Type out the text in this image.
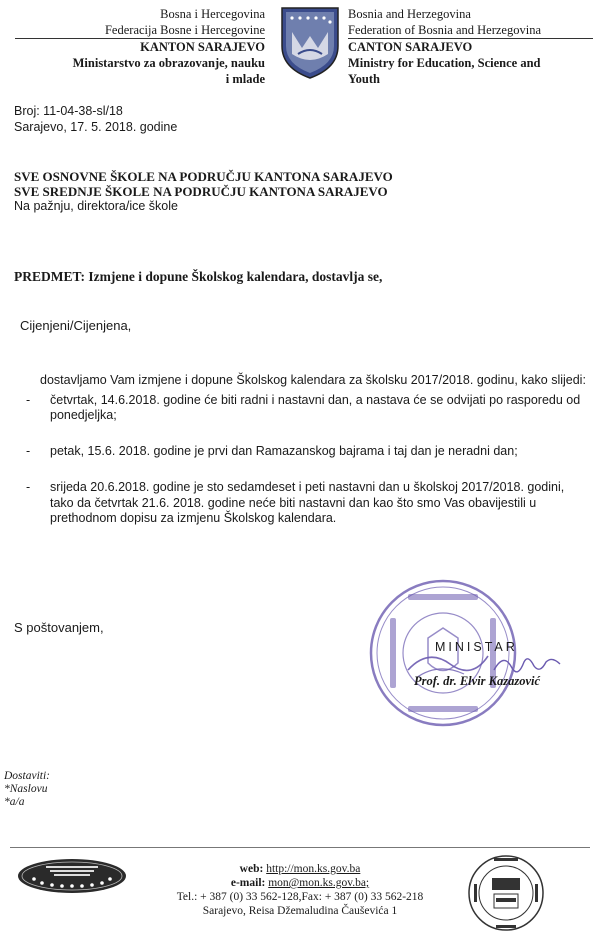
Bosna i Hercegovina
Federacija Bosne i Hercegovine
KANTON SARAJEVO
Ministarstvo za obrazovanje, nauku
i mlade
Bosnia and Herzegovina
Federation of Bosnia and Herzegovina
CANTON SARAJEVO
Ministry for Education, Science and
Youth
Broj: 11-04-38-sl/18
Sarajevo, 17. 5. 2018. godine
SVE OSNOVNE ŠKOLE NA PODRUČJU KANTONA SARAJEVO
SVE SREDNJE ŠKOLE NA PODRUČJU KANTONA SARAJEVO
Na pažnju, direktora/ice škole
PREDMET: Izmjene i dopune Školskog kalendara, dostavlja se,
Cijenjeni/Cijenjena,

dostavljamo Vam izmjene i dopune Školskog kalendara za školsku 2017/2018. godinu, kako slijedi:

- četvrtak, 14.6.2018. godine će biti radni i nastavni dan, a nastava će se odvijati po rasporedu od ponedjeljka;
- petak, 15.6. 2018. godine je prvi dan Ramazanskog bajrama i taj dan je neradni dan;
- srijeda 20.6.2018. godine je sto sedamdeset i peti nastavni dan u školskoj 2017/2018. godini, tako da četvrtak 21.6. 2018. godine neće biti nastavni dan kao što smo Vas obavijestili u prethodnom dopisu za izmjenu Školskog kalendara.
S poštovanjem,
MINISTAR
Prof. dr. Elvir Kazazović
Dostaviti:
*Naslovu
*a/a
web: http://mon.ks.gov.ba
e-mail: mon@mon.ks.gov.ba;
Tel.: + 387 (0) 33 562-128,Fax: + 387 (0) 33 562-218
Sarajevo, Reisa Džemaludina Čauševića 1
